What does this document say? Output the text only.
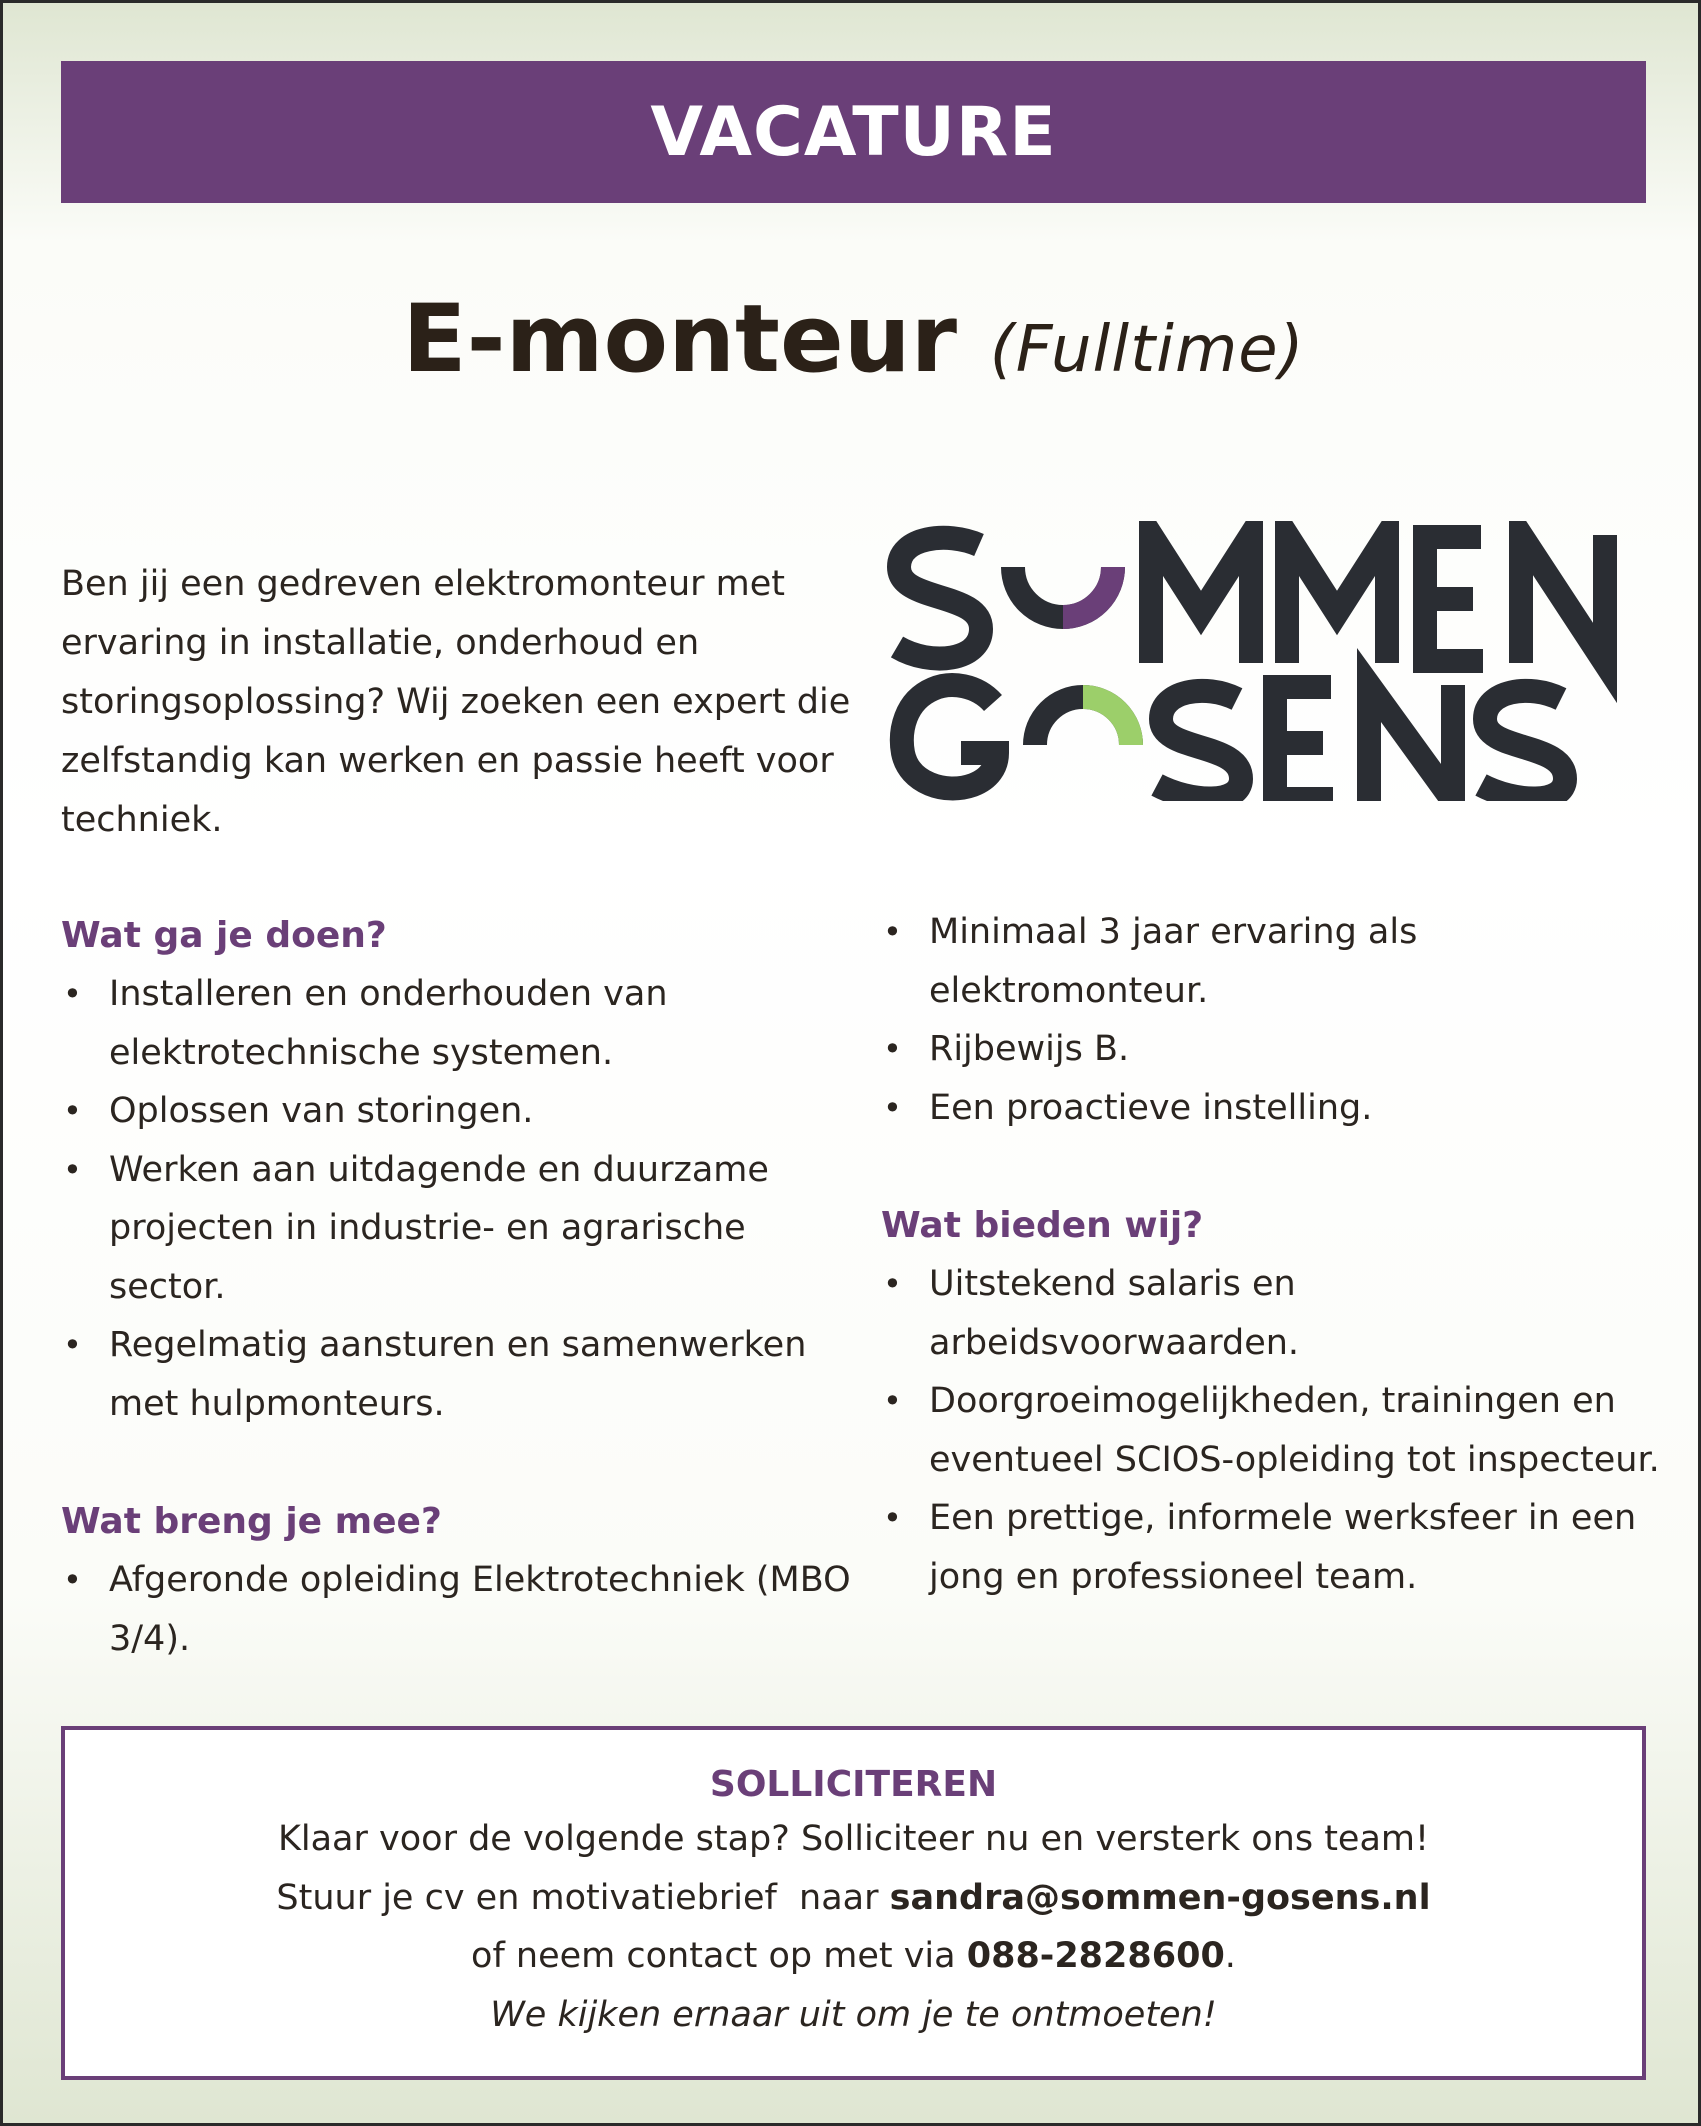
VACATURE
E-monteur (Fulltime)
Ben jij een gedreven elektromonteur met ervaring in installatie, onderhoud en storingsoplossing? Wij zoeken een expert die zelfstandig kan werken en passie heeft voor techniek.
Wat ga je doen?
• Installeren en onderhouden van elektrotechnische systemen.
• Oplossen van storingen.
• Werken aan uitdagende en duurzame projecten in industrie- en agrarische sector.
• Regelmatig aansturen en samenwerken met hulpmonteurs.
Wat breng je mee?
• Afgeronde opleiding Elektrotechniek (MBO 3/4).
• Minimaal 3 jaar ervaring als elektromonteur.
• Rijbewijs B.
• Een proactieve instelling.
Wat bieden wij?
• Uitstekend salaris en arbeidsvoorwaarden.
• Doorgroeimogelijkheden, trainingen en eventueel SCIOS-opleiding tot inspecteur.
• Een prettige, informele werksfeer in een jong en professioneel team.
SOLLICITEREN
Klaar voor de volgende stap? Solliciteer nu en versterk ons team!
Stuur je cv en motivatiebrief  naar sandra@sommen-gosens.nl
of neem contact op met via 088-2828600.
We kijken ernaar uit om je te ontmoeten!
